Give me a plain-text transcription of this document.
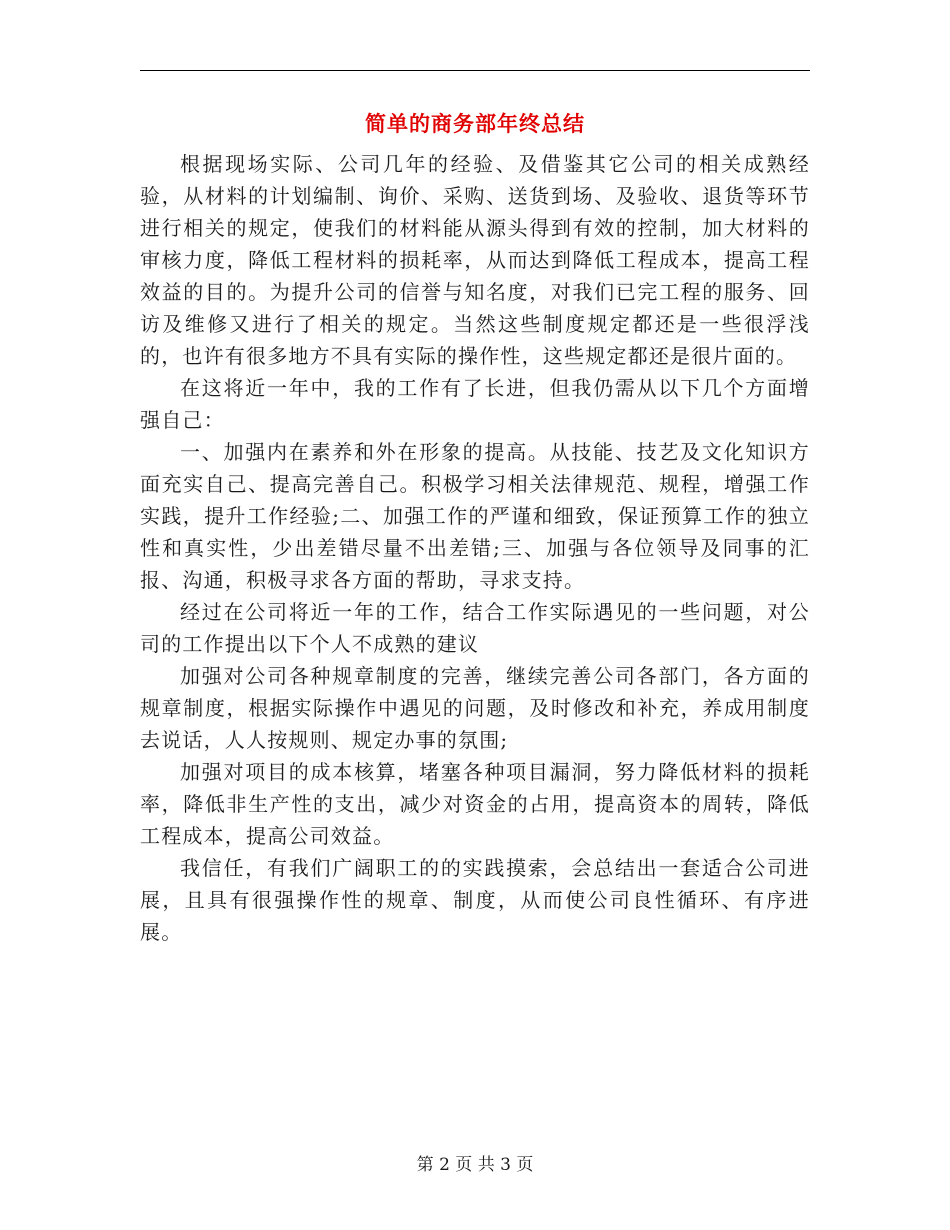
简单的商务部年终总结

根据现场实际、公司几年的经验、及借鉴其它公司的相关成熟经验，从材料的计划编制、询价、采购、送货到场、及验收、退货等环节进行相关的规定，使我们的材料能从源头得到有效的控制，加大材料的审核力度，降低工程材料的损耗率，从而达到降低工程成本，提高工程效益的目的。为提升公司的信誉与知名度，对我们已完工程的服务、回访及维修又进行了相关的规定。当然这些制度规定都还是一些很浮浅的，也许有很多地方不具有实际的操作性，这些规定都还是很片面的。

在这将近一年中，我的工作有了长进，但我仍需从以下几个方面增强自己：

一、加强内在素养和外在形象的提高。从技能、技艺及文化知识方面充实自己、提高完善自己。积极学习相关法律规范、规程，增强工作实践，提升工作经验;二、加强工作的严谨和细致，保证预算工作的独立性和真实性，少出差错尽量不出差错;三、加强与各位领导及同事的汇报、沟通，积极寻求各方面的帮助，寻求支持。

经过在公司将近一年的工作，结合工作实际遇见的一些问题，对公司的工作提出以下个人不成熟的建议

加强对公司各种规章制度的完善，继续完善公司各部门，各方面的规章制度，根据实际操作中遇见的问题，及时修改和补充，养成用制度去说话，人人按规则、规定办事的氛围;

加强对项目的成本核算，堵塞各种项目漏洞，努力降低材料的损耗率，降低非生产性的支出，减少对资金的占用，提高资本的周转，降低工程成本，提高公司效益。

我信任，有我们广阔职工的的实践摸索，会总结出一套适合公司进展，且具有很强操作性的规章、制度，从而使公司良性循环、有序进展。

第 2 页 共 3 页
